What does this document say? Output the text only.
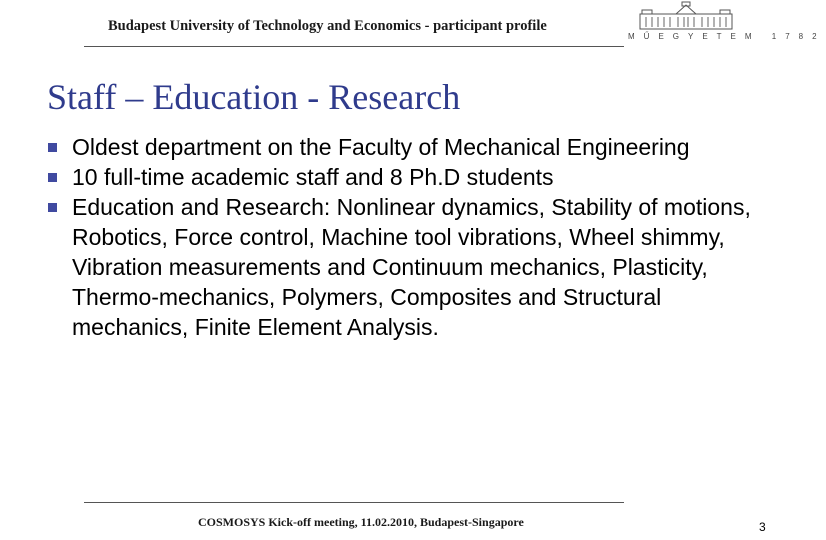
Budapest University of Technology and Economics - participant profile
MŰEGYETEM 1782
Staff – Education - Research
Oldest department on the Faculty of Mechanical Engineering
10 full-time academic staff and 8 Ph.D students
Education and Research: Nonlinear dynamics, Stability of motions, Robotics, Force control, Machine tool vibrations, Wheel shimmy, Vibration measurements and Continuum mechanics, Plasticity, Thermo-mechanics, Polymers, Composites and Structural mechanics, Finite Element Analysis.
COSMOSYS Kick-off meeting, 11.02.2010, Budapest-Singapore	3
